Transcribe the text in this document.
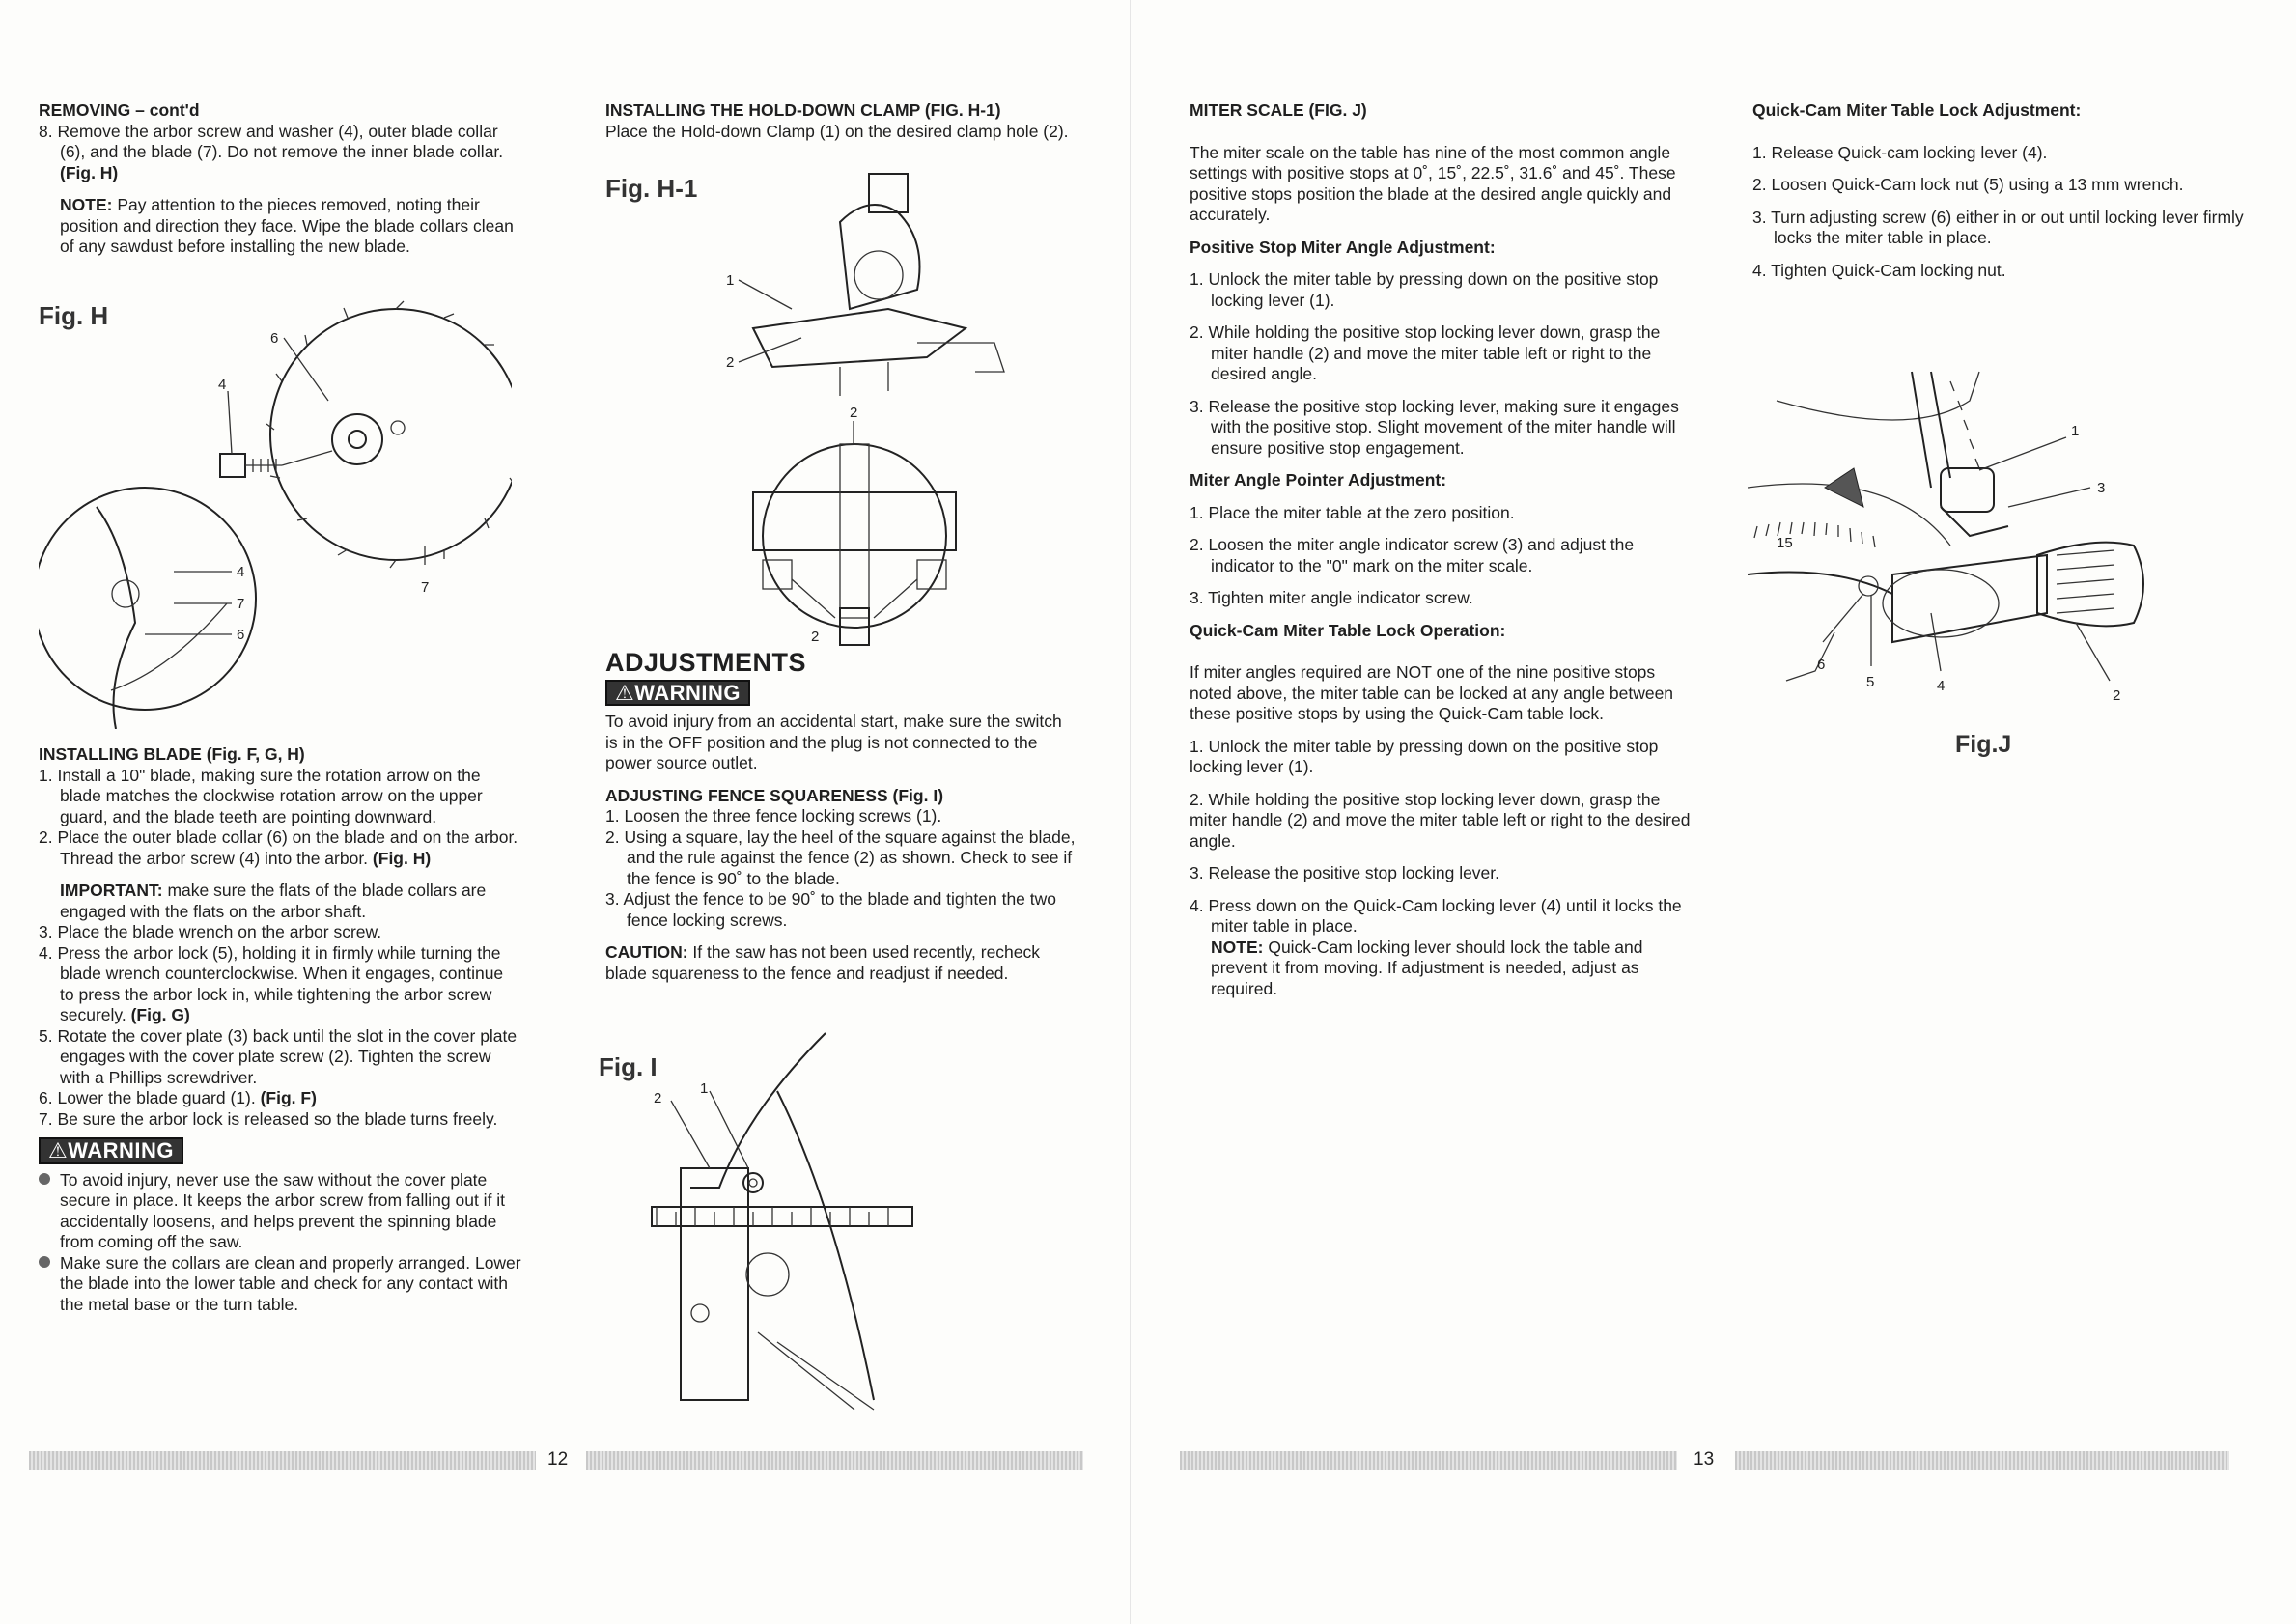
REMOVING – cont'd

8. Remove the arbor screw and washer (4), outer blade collar (6), and the blade (7). Do not remove the inner blade collar. (Fig. H)

NOTE: Pay attention to the pieces removed, noting their position and direction they face. Wipe the blade collars clean of any sawdust before installing the new blade.

Fig. H
6
4
7
4
7
6

INSTALLING BLADE (Fig. F, G, H)

1. Install a 10" blade, making sure the rotation arrow on the blade matches the clockwise rotation arrow on the upper guard, and the blade teeth are pointing downward.

2. Place the outer blade collar (6) on the blade and on the arbor. Thread the arbor screw (4) into the arbor. (Fig. H)

IMPORTANT: make sure the flats of the blade collars are engaged with the flats on the arbor shaft.

3. Place the blade wrench on the arbor screw.

4. Press the arbor lock (5), holding it in firmly while turning the blade wrench counterclockwise. When it engages, continue to press the arbor lock in, while tightening the arbor screw securely. (Fig. G)

5. Rotate the cover plate (3) back until the slot in the cover plate engages with the cover plate screw (2). Tighten the screw with a Phillips screwdriver.

6. Lower the blade guard (1). (Fig. F)

7. Be sure the arbor lock is released so the blade turns freely.

⚠WARNING

To avoid injury, never use the saw without the cover plate secure in place. It keeps the arbor screw from falling out if it accidentally loosens, and helps prevent the spinning blade from coming off the saw.

Make sure the collars are clean and properly arranged. Lower the blade into the lower table and check for any contact with the metal base or the turn table.

INSTALLING THE HOLD-DOWN CLAMP (FIG. H-1)

Place the Hold-down Clamp (1) on the desired clamp hole (2).

Fig. H-1
1
2
2
2
ADJUSTMENTS
⚠WARNING

To avoid injury from an accidental start, make sure the switch is in the OFF position and the plug is not connected to the power source outlet.

ADJUSTING FENCE SQUARENESS (Fig. I)

1. Loosen the three fence locking screws (1).

2. Using a square, lay the heel of the square against the blade, and the rule against the fence (2) as shown. Check to see if the fence is 90˚ to the blade.

3. Adjust the fence to be 90˚ to the blade and tighten the two fence locking screws.

CAUTION: If the saw has not been used recently, recheck blade squareness to the fence and readjust if needed.

Fig. I
2
1
12

MITER SCALE (FIG. J)

The miter scale on the table has nine of the most common angle settings with positive stops at 0˚, 15˚, 22.5˚, 31.6˚ and 45˚. These positive stops position the blade at the desired angle quickly and accurately.

Positive Stop Miter Angle Adjustment:

1. Unlock the miter table by pressing down on the positive stop locking lever (1).

2. While holding the positive stop locking lever down, grasp the miter handle (2) and move the miter table left or right to the desired angle.

3. Release the positive stop locking lever, making sure it engages with the positive stop. Slight movement of the miter handle will ensure positive stop engagement.

Miter Angle Pointer Adjustment:

1. Place the miter table at the zero position.

2. Loosen the miter angle indicator screw (3) and adjust the indicator to the "0" mark on the miter scale.

3. Tighten miter angle indicator screw.

Quick-Cam Miter Table Lock Operation:

If miter angles required are NOT one of the nine positive stops noted above, the miter table can be locked at any angle between these positive stops by using the Quick-Cam table lock.

1. Unlock the miter table by pressing down on the positive stop locking lever (1).

2. While holding the positive stop locking lever down, grasp the miter handle (2) and move the miter table left or right to the desired angle.

3. Release the positive stop locking lever.

4. Press down on the Quick-Cam locking lever (4) until it locks the miter table in place.

NOTE: Quick-Cam locking lever should lock the table and prevent it from moving. If adjustment is needed, adjust as required.

Quick-Cam Miter Table Lock Adjustment:

1. Release Quick-cam locking lever (4).

2. Loosen Quick-Cam lock nut (5) using a 13 mm wrench.

3. Turn adjusting screw (6) either in or out until locking lever firmly locks the miter table in place.

4. Tighten Quick-Cam locking nut.

15
1
3
6
5	4
2
Fig.J
13
